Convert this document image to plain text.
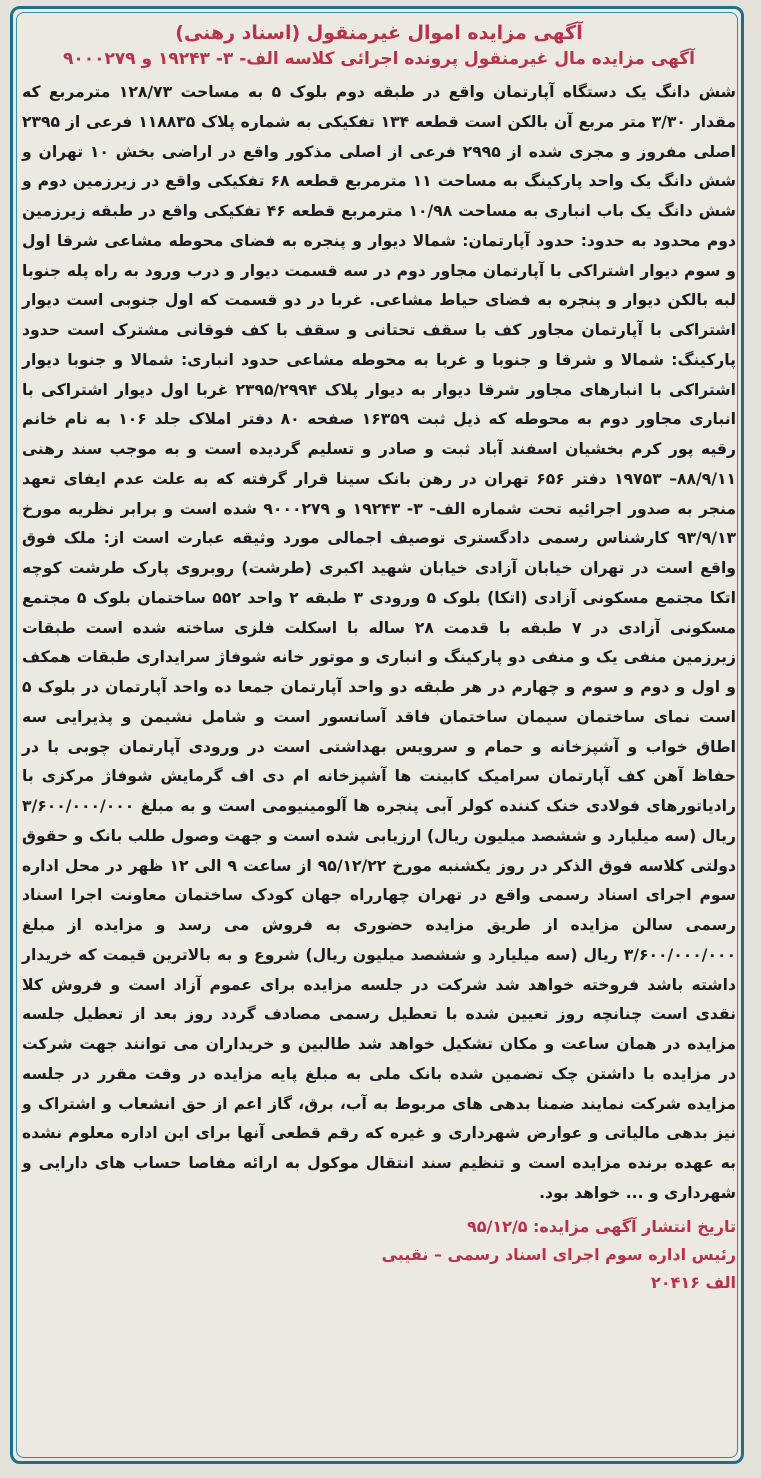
آگهی مزایده اموال غیرمنقول (اسناد رهنی)
آگهی مزایده مال غیرمنقول پرونده اجرائی کلاسه الف- ۳- ۱۹۲۴۳ و ۹۰۰۰۲۷۹

شش دانگ یک دستگاه آپارتمان واقع در طبقه دوم بلوک ۵ به مساحت ۱۲۸/۷۳ مترمربع که مقدار ۳/۳۰ متر مربع آن بالکن است قطعه ۱۳۴ تفکیکی به شماره پلاک ۱۱۸۸۳۵ فرعی از ۲۳۹۵ اصلی مفروز و مجزی شده از ۲۹۹۵ فرعی از اصلی مذکور واقع در اراضی بخش ۱۰ تهران و شش دانگ یک واحد پارکینگ به مساحت ۱۱ مترمربع قطعه ۶۸ تفکیکی واقع در زیرزمین دوم و شش دانگ یک باب انباری به مساحت ۱۰/۹۸ مترمربع قطعه ۴۶ تفکیکی واقع در طبقه زیرزمین دوم محدود به حدود: حدود آپارتمان: شمالا دیوار و پنجره به فضای محوطه مشاعی شرقا اول و سوم دیوار اشتراکی با آپارتمان مجاور دوم در سه قسمت دیوار و درب ورود به راه پله جنوبا لبه بالکن دیوار و پنجره به فضای حیاط مشاعی. غربا در دو قسمت که اول جنوبی است دیوار اشتراکی با آپارتمان مجاور کف با سقف تحتانی و سقف با کف فوقانی مشترک است حدود پارکینگ: شمالا و شرقا و جنوبا و غربا به محوطه مشاعی حدود انباری: شمالا و جنوبا دیوار اشتراکی با انبارهای مجاور شرقا دیوار به دیوار پلاک ۲۳۹۵/۲۹۹۴ غربا اول دیوار اشتراکی با انباری مجاور دوم به محوطه که ذیل ثبت ۱۶۳۵۹ صفحه ۸۰ دفتر املاک جلد ۱۰۶ به نام خانم رقیه پور کرم بخشیان اسفند آباد ثبت و صادر و تسلیم گردیده است و به موجب سند رهنی ۸۸/۹/۱۱– ۱۹۷۵۳ دفتر ۶۵۶ تهران در رهن بانک سینا قرار گرفته که به علت عدم ایفای تعهد منجر به صدور اجرائیه تحت شماره الف- ۳- ۱۹۲۴۳ و ۹۰۰۰۲۷۹ شده است و برابر نظریه مورخ ۹۳/۹/۱۳ کارشناس رسمی دادگستری توصیف اجمالی مورد وثیقه عبارت است از: ملک فوق واقع است در تهران خیابان آزادی خیابان شهید اکبری (طرشت) روبروی پارک طرشت کوچه اتکا مجتمع مسکونی آزادی (اتکا) بلوک ۵ ورودی ۳ طبقه ۲ واحد ۵۵۲ ساختمان بلوک ۵ مجتمع مسکونی آزادی در ۷ طبقه با قدمت ۲۸ ساله با اسکلت فلزی ساخته شده است طبقات زیرزمین منفی یک و منفی دو پارکینگ و انباری و موتور خانه شوفاژ سرایداری طبقات همکف و اول و دوم و سوم و چهارم در هر طبقه دو واحد آپارتمان جمعا ده واحد آپارتمان در بلوک ۵ است نمای ساختمان سیمان ساختمان فاقد آسانسور است و شامل نشیمن و پذیرایی سه اطاق خواب و آشپزخانه و حمام و سرویس بهداشتی است در ورودی آپارتمان چوبی با در حفاظ آهن کف آپارتمان سرامیک کابینت ها آشپزخانه ام دی اف گرمایش شوفاژ مرکزی با رادیاتورهای فولادی خنک کننده کولر آبی پنجره ها آلومینیومی است و به مبلغ ۳/۶۰۰/۰۰۰/۰۰۰ ریال (سه میلیارد و ششصد میلیون ریال) ارزیابی شده است و جهت وصول طلب بانک و حقوق دولتی کلاسه فوق الذکر در روز یکشنبه مورخ ۹۵/۱۲/۲۲ از ساعت ۹ الی ۱۲ ظهر در محل اداره سوم اجرای اسناد رسمی واقع در تهران چهارراه جهان کودک ساختمان معاونت اجرا اسناد رسمی سالن مزایده از طریق مزایده حضوری به فروش می رسد و مزایده از مبلغ ۳/۶۰۰/۰۰۰/۰۰۰ ریال (سه میلیارد و ششصد میلیون ریال) شروع و به بالاترین قیمت که خریدار داشته باشد فروخته خواهد شد شرکت در جلسه مزایده برای عموم آزاد است و فروش کلا نقدی است چنانچه روز تعیین شده با تعطیل رسمی مصادف گردد روز بعد از تعطیل جلسه مزایده در همان ساعت و مکان تشکیل خواهد شد طالبین و خریداران می توانند جهت شرکت در مزایده با داشتن چک تضمین شده بانک ملی به مبلغ پایه مزایده در وقت مقرر در جلسه مزایده شرکت نمایند ضمنا بدهی های مربوط به آب، برق، گاز اعم از حق انشعاب و اشتراک و نیز بدهی مالیاتی و عوارض شهرداری و غیره که رقم قطعی آنها برای این اداره معلوم نشده به عهده برنده مزایده است و تنظیم سند انتقال موکول به ارائه مفاصا حساب های دارایی و شهرداری و ... خواهد بود.

تاریخ انتشار آگهی مزایده: ۹۵/۱۲/۵
رئیس اداره سوم اجرای اسناد رسمی – نقیبی
الف ۲۰۴۱۶
